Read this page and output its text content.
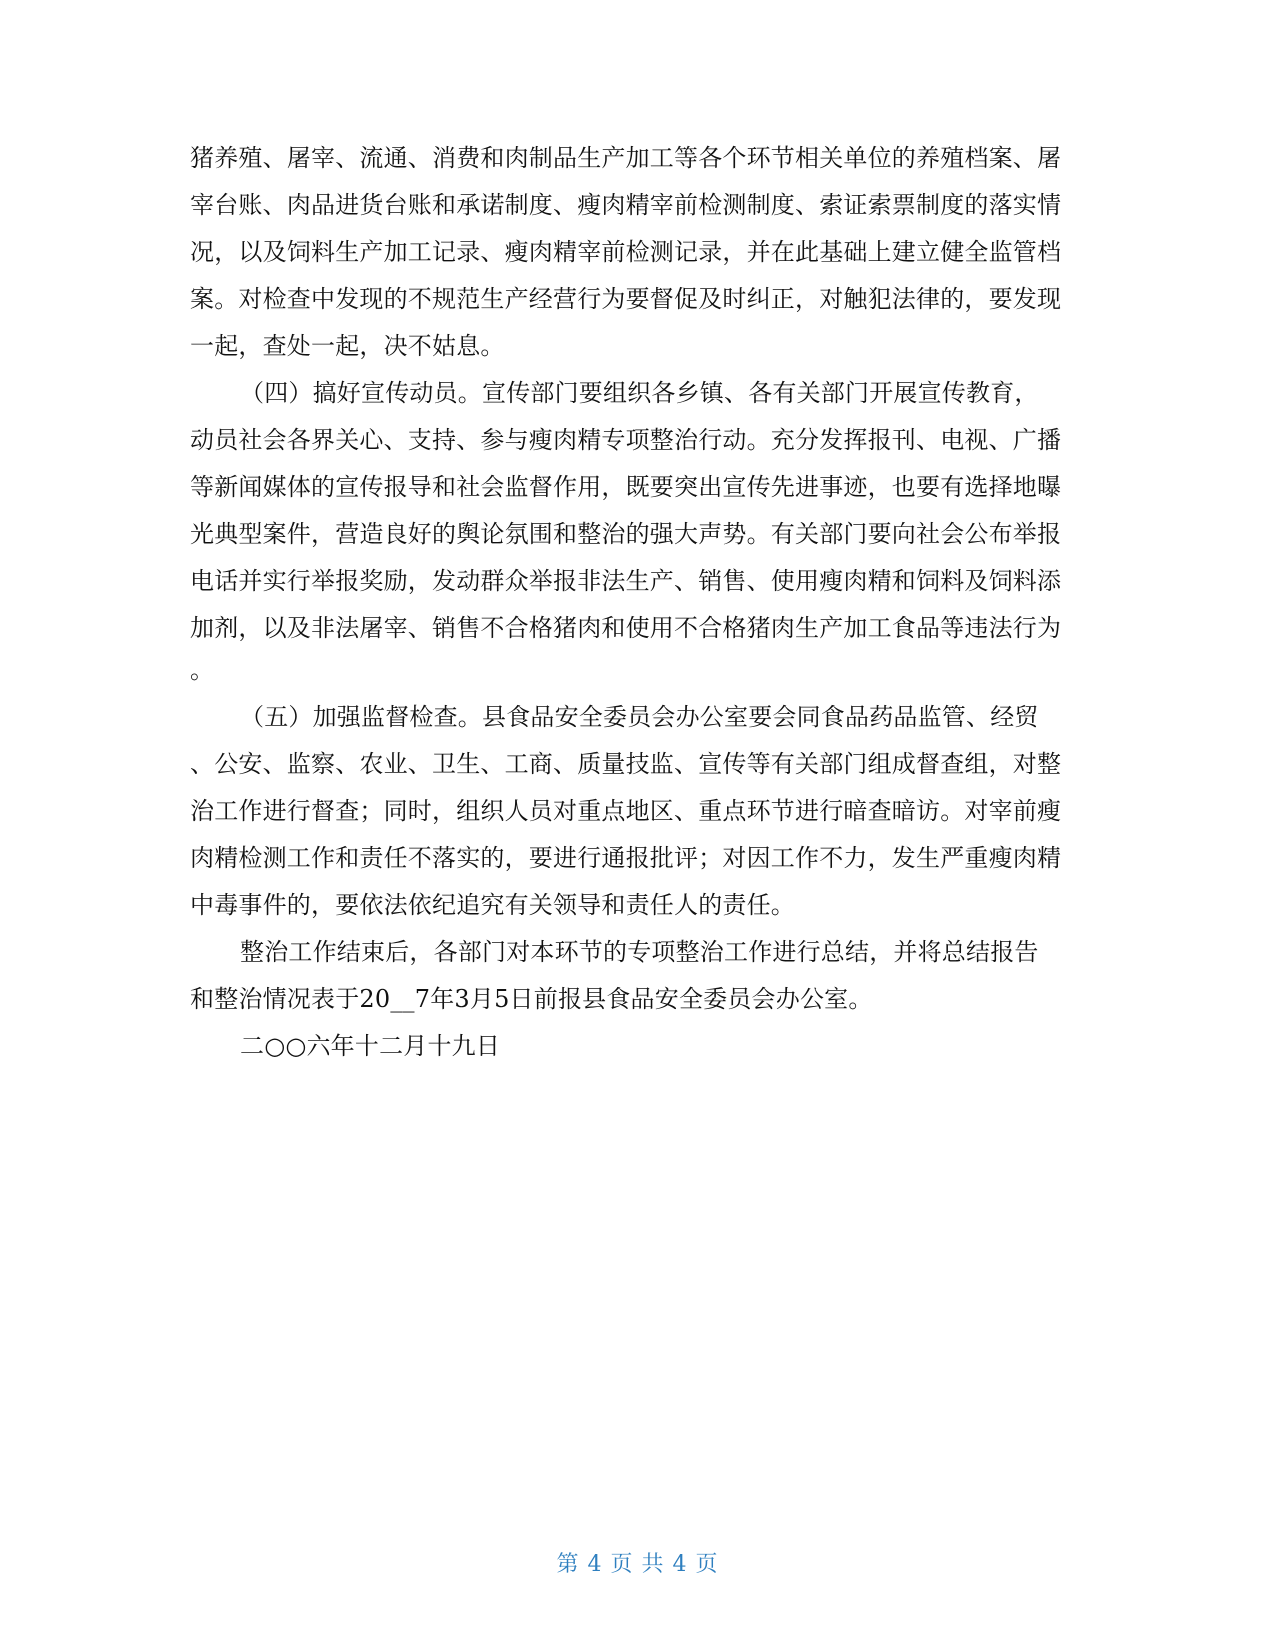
猪养殖、屠宰、流通、消费和肉制品生产加工等各个环节相关单位的养殖档案、屠
宰台账、肉品进货台账和承诺制度、瘦肉精宰前检测制度、索证索票制度的落实情
况，以及饲料生产加工记录、瘦肉精宰前检测记录，并在此基础上建立健全监管档
案。对检查中发现的不规范生产经营行为要督促及时纠正，对触犯法律的，要发现
一起，查处一起，决不姑息。
（四）搞好宣传动员。宣传部门要组织各乡镇、各有关部门开展宣传教育，
动员社会各界关心、支持、参与瘦肉精专项整治行动。充分发挥报刊、电视、广播
等新闻媒体的宣传报导和社会监督作用，既要突出宣传先进事迹，也要有选择地曝
光典型案件，营造良好的舆论氛围和整治的强大声势。有关部门要向社会公布举报
电话并实行举报奖励，发动群众举报非法生产、销售、使用瘦肉精和饲料及饲料添
加剂，以及非法屠宰、销售不合格猪肉和使用不合格猪肉生产加工食品等违法行为
。
（五）加强监督检查。县食品安全委员会办公室要会同食品药品监管、经贸
、公安、监察、农业、卫生、工商、质量技监、宣传等有关部门组成督查组，对整
治工作进行督查；同时，组织人员对重点地区、重点环节进行暗查暗访。对宰前瘦
肉精检测工作和责任不落实的，要进行通报批评；对因工作不力，发生严重瘦肉精
中毒事件的，要依法依纪追究有关领导和责任人的责任。
整治工作结束后，各部门对本环节的专项整治工作进行总结，并将总结报告
和整治情况表于20__7年3月5日前报县食品安全委员会办公室。
二○○六年十二月十九日
第 4 页 共 4 页
